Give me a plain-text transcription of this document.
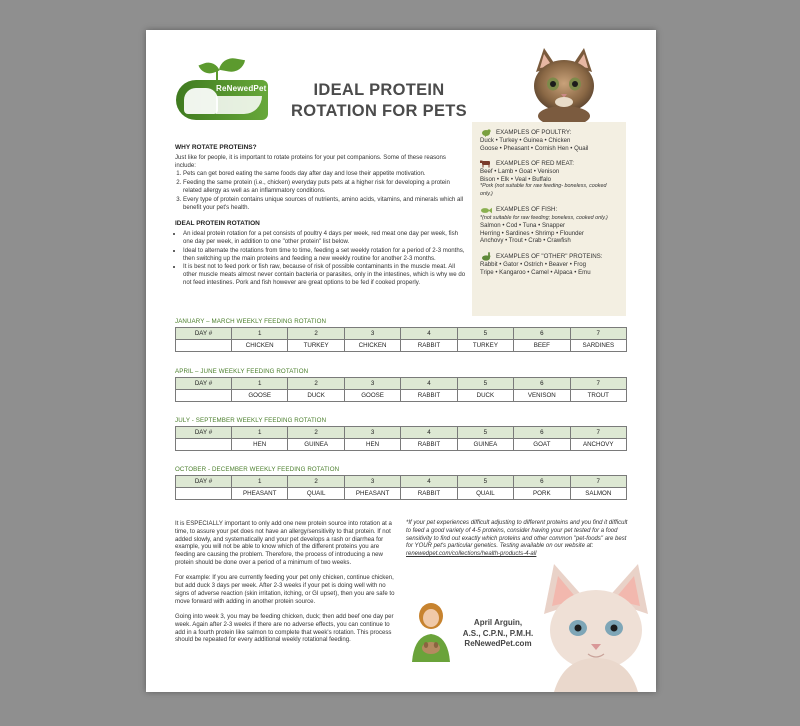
ReNewedPet	IDEAL PROTEIN
ROTATION FOR PETS
WHY ROTATE PROTEINS?

Just like for people, it is important to rotate proteins for your pet companions. Some of these reasons include:

1. Pets can get bored eating the same foods day after day and lose their appetite motivation.
2. Feeding the same protein (i.e., chicken) everyday puts pets at a higher risk for developing a protein related allergy as well as an inflammatory conditions.
3. Every type of protein contains unique sources of nutrients, amino acids, vitamins, and minerals which all benefit your pet's health.
IDEAL PROTEIN ROTATION
• An ideal protein rotation for a pet consists of poultry 4 days per week, red meat one day per week, fish one day per week, in addition to one "other protein" list below.
• Ideal to alternate the rotations from time to time, feeding a set weekly rotation for a period of 2-3 months, then switching up the main proteins and feeding a new weekly routine for another 2-3 months.
• It is best not to feed pork or fish raw, because of risk of possible contaminants in the muscle meat. All other muscle meats almost never contain bacteria or parasites, only in the intestines, which is why we do not feed intestines. Pork and fish however are great options to be fed if cooked properly.
EXAMPLES OF POULTRY:
Duck • Turkey • Guinea • Chicken
Goose • Pheasant • Cornish Hen • Quail
EXAMPLES OF RED MEAT:
Beef • Lamb • Goat • Venison
Bison • Elk • Veal • Buffalo
*Pork (not suitable for raw feeding- boneless, cooked only.)
EXAMPLES OF FISH:
*(not suitable for raw feeding; boneless, cooked only.)
Salmon • Cod • Tuna • Snapper
Herring • Sardines • Shrimp • Flounder
Anchovy • Trout • Crab • Crawfish
EXAMPLES OF "OTHER" PROTEINS:
Rabbit • Gator • Ostrich • Beaver • Frog
Tripe • Kangaroo • Camel • Alpaca • Emu
JANUARY – MARCH WEEKLY FEEDING ROTATION
DAY #	1	2	3	4	5	6	7
	CHICKEN	TURKEY	CHICKEN	RABBIT	TURKEY	BEEF	SARDINES
APRIL – JUNE WEEKLY FEEDING ROTATION
DAY #	1	2	3	4	5	6	7
	GOOSE	DUCK	GOOSE	RABBIT	DUCK	VENISON	TROUT
JULY - SEPTEMBER WEEKLY FEEDING ROTATION
DAY #	1	2	3	4	5	6	7
	HEN	GUINEA	HEN	RABBIT	GUINEA	GOAT	ANCHOVY
OCTOBER - DECEMBER WEEKLY FEEDING ROTATION
DAY #	1	2	3	4	5	6	7
	PHEASANT	QUAIL	PHEASANT	RABBIT	QUAIL	PORK	SALMON

It is ESPECIALLY important to only add one new protein source into rotation at a time, to assure your pet does not have an allergy/sensitivity to that protein. If not added slowly, and systematically and your pet develops a rash or diarrhea for example, you will not be able to know which of the different proteins you are feeding are causing the problem. Therefore, the process of introducing a new protein should be done over a period of a minimum of two weeks.

For example: If you are currently feeding your pet only chicken, continue chicken, but add duck 3 days per week. After 2-3 weeks if your pet is doing well with no signs of adverse reaction (skin irritation, itching, or GI upset), then you are safe to move forward with adding in another protein source.

Going into week 3, you may be feeding chicken, duck; then add beef one day per week. Again after 2-3 weeks if there are no adverse effects, you can continue to add in a fourth protein like salmon to complete that week's rotation. This process should be repeated for every additional weekly rotational feeding.

*If your pet experiences difficult adjusting to different proteins and you find it difficult to feed a good variety of 4-5 proteins, consider having your pet tested for a food sensitivity to find out exactly which proteins and other common "pet-foods" are best for YOUR pet's particular genetics. Testing available on our website at: renewedpet.com/collections/health-products-4-all
April Arguin,
A.S., C.P.N., P.M.H.
ReNewedPet.com
